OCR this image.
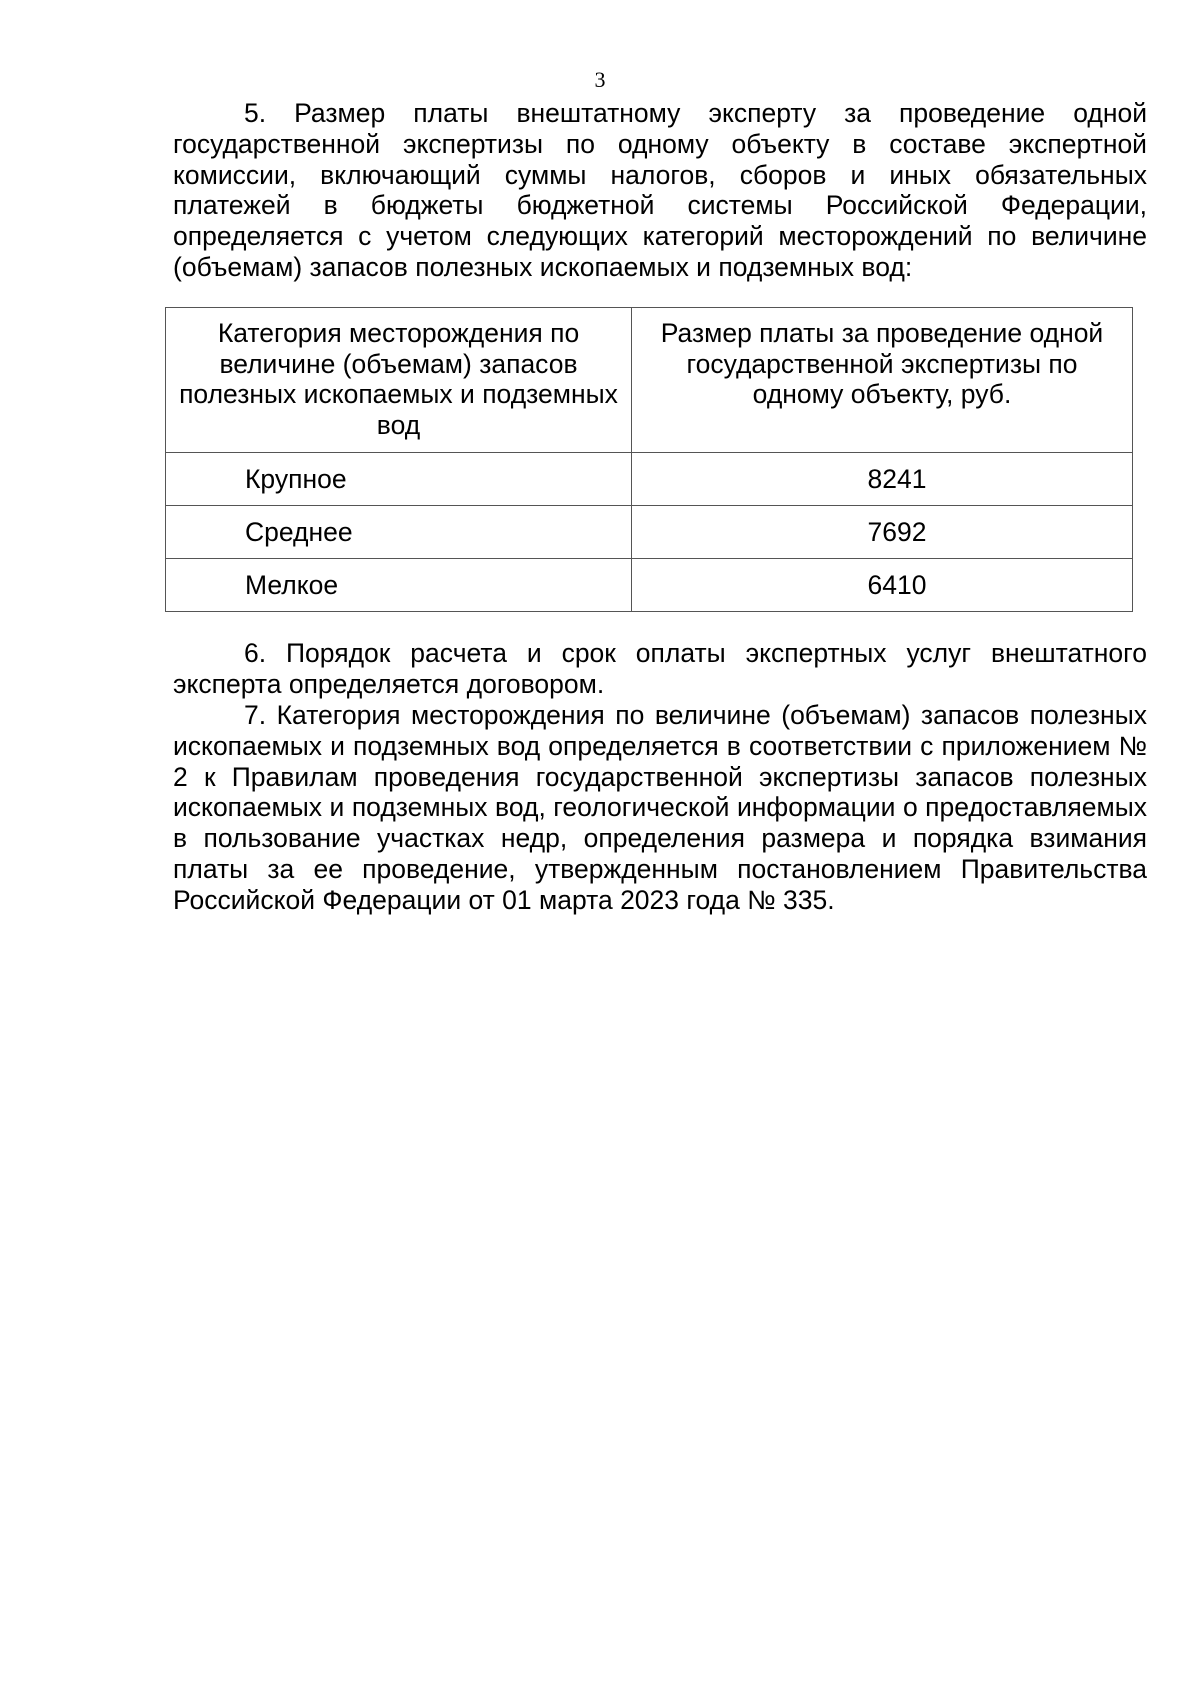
3

5. Размер платы внештатному эксперту за проведение одной государственной экспертизы по одному объекту в составе экспертной комиссии, включающий суммы налогов, сборов и иных обязательных платежей в бюджеты бюджетной системы Российской Федерации, определяется с учетом следующих категорий месторождений по величине (объемам) запасов полезных ископаемых и подземных вод:

Категория месторождения по величине (объемам) запасов полезных ископаемых и подземных вод	Размер платы за проведение одной государственной экспертизы по одному объекту, руб.

Крупное	8241
Среднее	7692
Мелкое	6410

6. Порядок расчета и срок оплаты экспертных услуг внештатного эксперта определяется договором.

7. Категория месторождения по величине (объемам) запасов полезных ископаемых и подземных вод определяется в соответствии с приложением № 2 к Правилам проведения государственной экспертизы запасов полезных ископаемых и подземных вод, геологической информации о предоставляемых в пользование участках недр, определения размера и порядка взимания платы за ее проведение, утвержденным постановлением Правительства Российской Федерации от 01 марта 2023 года № 335.
